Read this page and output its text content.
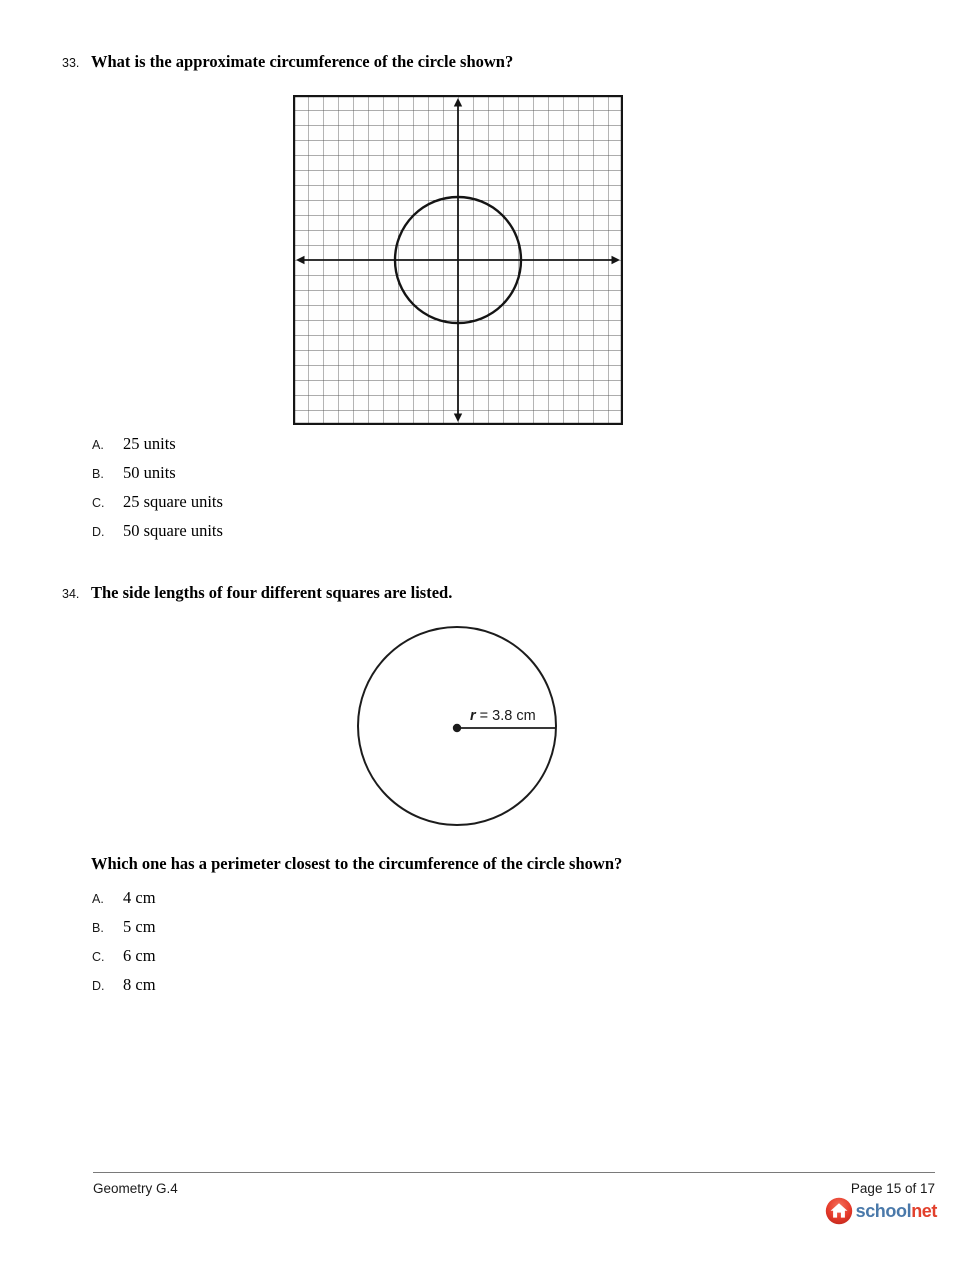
33. What is the approximate circumference of the circle shown?
A.	25 units
B.	50 units
C.	25 square units
D.	50 square units
34. The side lengths of four different squares are listed.
r = 3.8 cm
Which one has a perimeter closest to the circumference of the circle shown?
A.	4 cm
B.	5 cm
C.	6 cm
D.	8 cm
Geometry G.4	Page 15 of 17
schoolnet
